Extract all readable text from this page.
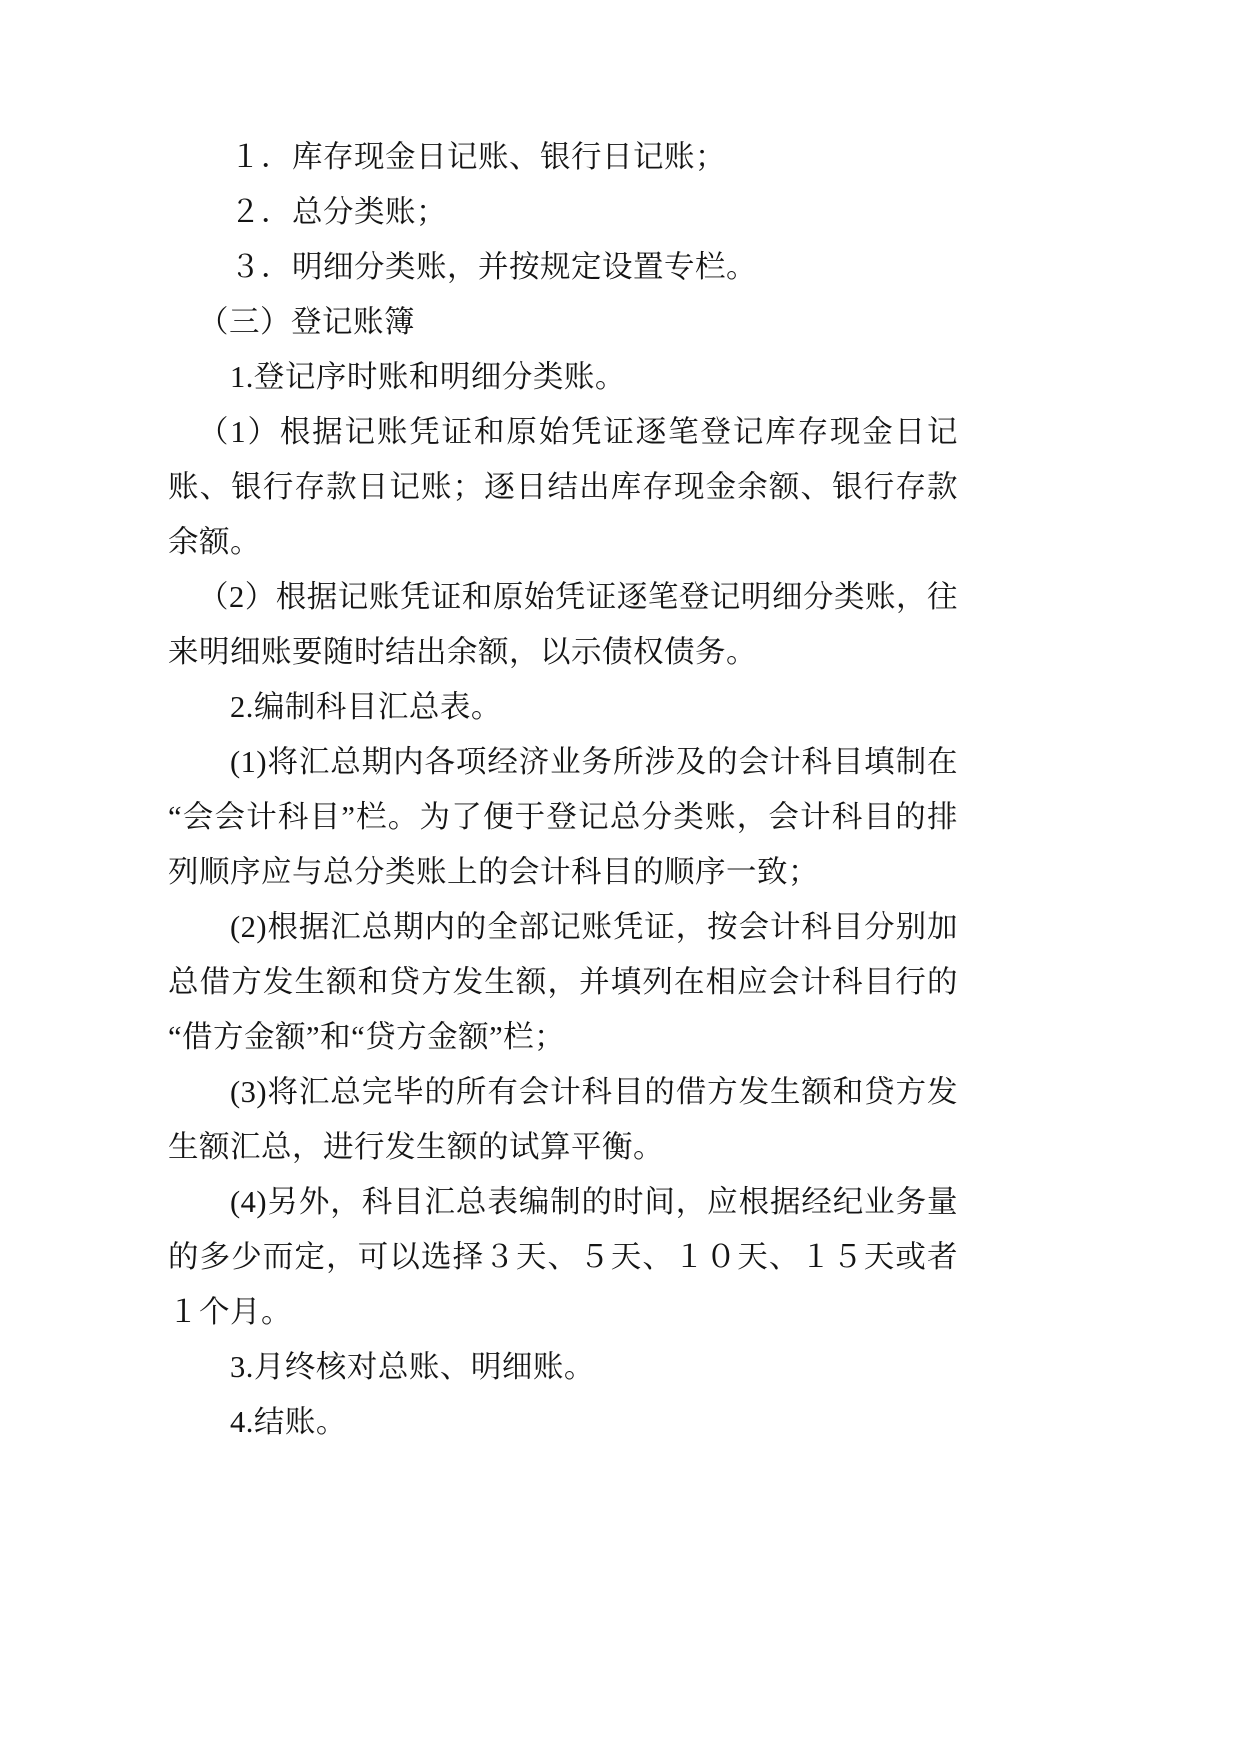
１．库存现金日记账、银行日记账；

２．总分类账；

３．明细分类账，并按规定设置专栏。

（三）登记账簿

1.登记序时账和明细分类账。

（1）根据记账凭证和原始凭证逐笔登记库存现金日记账、银行存款日记账；逐日结出库存现金余额、银行存款余额。

（2）根据记账凭证和原始凭证逐笔登记明细分类账，往来明细账要随时结出余额，以示债权债务。

2.编制科目汇总表。

(1)将汇总期内各项经济业务所涉及的会计科目填制在“会会计科目”栏。为了便于登记总分类账，会计科目的排列顺序应与总分类账上的会计科目的顺序一致；

(2)根据汇总期内的全部记账凭证，按会计科目分别加总借方发生额和贷方发生额，并填列在相应会计科目行的“借方金额”和“贷方金额”栏；

(3)将汇总完毕的所有会计科目的借方发生额和贷方发生额汇总，进行发生额的试算平衡。

(4)另外，科目汇总表编制的时间，应根据经纪业务量的多少而定，可以选择３天、５天、１０天、１５天或者１个月。

3.月终核对总账、明细账。

4.结账。
